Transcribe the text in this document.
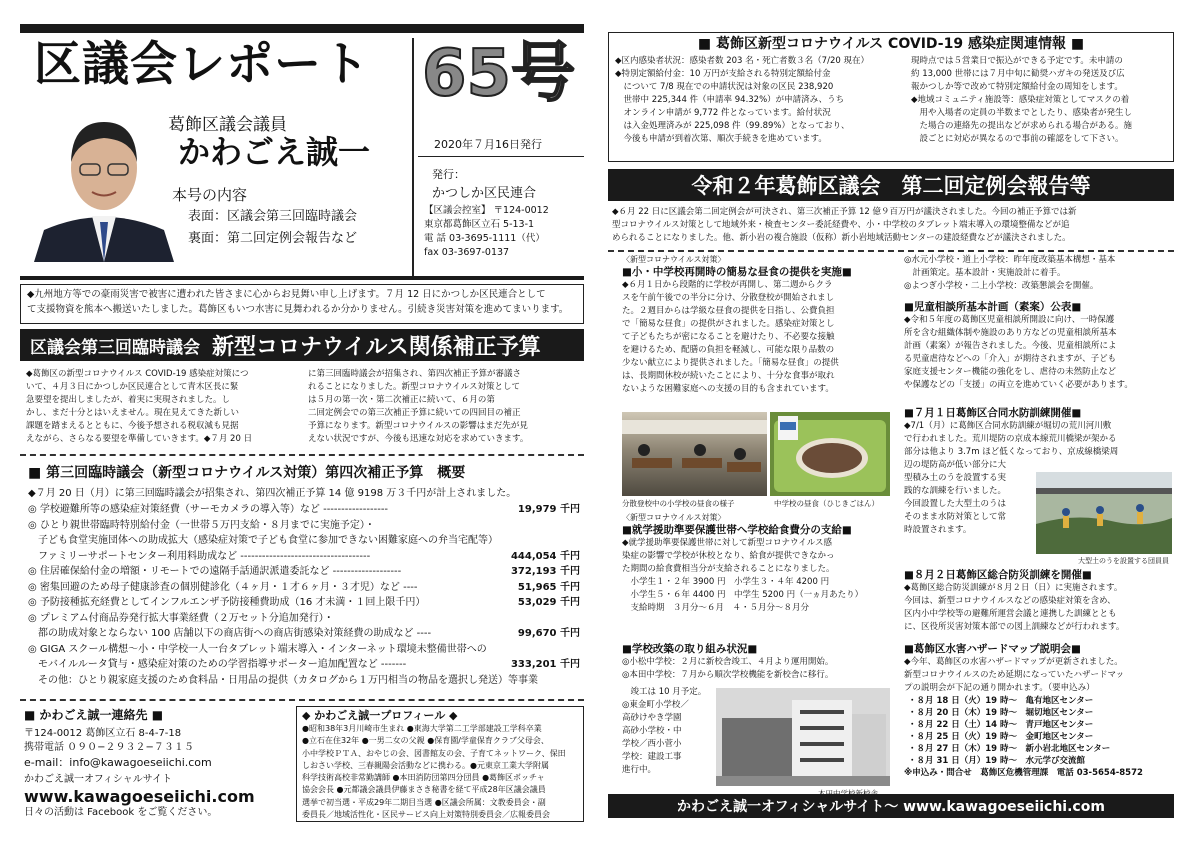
区議会レポート 65号
2020年７月16日発行
葛飾区議会議員
かわごえ誠一
本号の内容
表面：区議会第三回臨時議会
裏面：第二回定例会報告など
発行：
かつしか区民連合
【区議会控室】 〒124-0012
東京都葛飾区立石 5-13-1
電 話 03-3695-1111（代）
fax 03-3697-0137
◆九州地方等での豪雨災害で被害に遭われた皆さまに心からお見舞い申し上げます。７月 12 日にかつしか区民連合として
て支援物資を熊本へ搬送いたしました。葛飾区もいつ水害に見舞われるか分かりません。引続き災害対策を進めてまいります。
区議会第三回臨時議会 新型コロナウイルス関係補正予算
◆葛飾区の新型コロナウイルス COVID-19 感染症対策につ
いて、４月３日にかつしか区民連合として青木区長に緊
急要望を提出しましたが、着実に実現されました。し
かし、まだ十分とはいえません。現在見えてきた新しい
課題を踏まえるとともに、今後予想される税収減も見据
えながら、さらなる要望を準備していきます。◆７月 20 日
に第三回臨時議会が招集され、第四次補正予算が審議さ
れることになりました。新型コロナウイルス対策として
は５月の第一次・第二次補正に続いて、６月の第
二回定例会での第三次補正予算に続いての四回目の補正
予算になります。新型コロナウイルスの影響はまだ先が見
えない状況ですが、今後も迅速な対応を求めていきます。
■ 第三回臨時議会（新型コロナウイルス対策）第四次補正予算　概要
◆７月 20 日（月）に第三回臨時議会が招集され、第四次補正予算 14 億 9198 万３千円が計上されました。
◎ 学校避難所等の感染症対策経費（サーモカメラの導入等）など ------------------	19,979 千円
◎ ひとり親世帯臨時特別給付金（一世帯５万円支給・８月までに実施予定）・
　子ども食堂実施団体への助成拡大（感染症対策で子ども食堂に参加できない困難家庭への弁当宅配等）
　ファミリーサポートセンター利用料助成など ------------------------------------	444,054 千円
◎ 住居確保給付金の増額・リモートでの遠隔手話通訳派遣委託など -------------------	372,193 千円
◎ 密集回避のため母子健康診査の個別健診化（４ヶ月・１才６ヶ月・３才児）など ----	51,965 千円
◎ 予防接種拡充経費としてインフルエンザ予防接種費助成（16 才未満・１回上限千円）	53,029 千円
◎ プレミアム付商品券発行拡大事業経費（２万セット分追加発行）・
　都の助成対象とならない 100 店舗以下の商店街への商店街感染対策経費の助成など ----	99,670 千円
◎ GIGA スクール構想〜小・中学校一人一台タブレット端末導入・インターネット環境未整備世帯への
　モバイルルータ貸与・感染症対策のための学習指導サポーター追加配置など -------	333,201 千円
　その他：ひとり親家庭支援のため食料品・日用品の提供（カタログから１万円相当の物品を選択し発送）等事業
■ かわごえ誠一連絡先 ■
〒124-0012 葛飾区立石 8-4-7-18
携帯電話 ０９０−２９３２−７３１５
e-mail：info@kawagoeseiichi.com
かわごえ誠一オフィシャルサイト
www.kawagoeseiichi.com
日々の活動は Facebook をご覧ください。
◆ かわごえ誠一プロフィール ◆
●昭和38年3月川崎市生まれ ●東海大学第二工学部建設工学科卒業
●立石在住32年 ●一男二女の父親 ●保育園/学童保育クラブ父母会、
小中学校ＰＴＡ、おやじの会、図書館友の会、子育てネットワーク、保田
しおさい学校、三春親陽会活動などに携わる。●元東京工業大学附属
科学技術高校非常勤講師 ●本田消防団第四分団員 ●葛飾区ボッチャ
協会会長 ●元都議会議員伊藤まさき秘書を経て平成28年区議会議員
選挙で初当選・平成29年二期目当選 ●区議会所属：文教委員会・副
委員長／地域活性化・区民サービス向上対策特別委員会／広報委員会
■ 葛飾区新型コロナウイルス COVID-19 感染症関連情報 ■
◆区内感染者状況：感染者数 203 名・死亡者数３名（7/20 現在）
◆特別定額給付金：10 万円が支給される特別定額給付金
　について 7/8 現在での申請状況は対象の区民 238,920
　世帯中 225,344 件（申請率 94.32%）が申請済み、うち
　オンライン申請が 9,772 件となっています。給付状況
　は入金処理済みが 225,098 件（99.89%）となっており、
　今後も申請が到着次第、順次手続きを進めています。
現時点では５営業日で振込ができる予定です。未申請の
約 13,000 世帯には７月中旬に勧奨ハガキの発送及び広
報かつしか等で改めて特別定額給付金の周知をします。
◆地域コミュニティ施設等：感染症対策としてマスクの着
　用や入場者の定員の半数までとしたり、感染者が発生し
　た場合の連絡先の提出などが求められる場合がある。施
　設ごとに対応が異なるので事前の確認をして下さい。
令和２年葛飾区議会　第二回定例会報告等
◆６月 22 日に区議会第二回定例会が可決され、第三次補正予算 12 億９百万円が議決されました。今回の補正予算では新
型コロナウイルス対策として地域外来・検査センター委託経費や、小・中学校のタブレット端末導入の環境整備などが追
められることになりました。他、新小岩の複合施設（仮称）新小岩地域活動センターの建設経費などが議決されました。
〈新型コロナウイルス対策〉
■小・中学校再開時の簡易な昼食の提供を実施■
◆６月１日から段階的に学校が再開し、第二週からクラ
スを午前午後での半分に分け、分散登校が開始されまし
た。２週目からは学級な昼食の提供を日指し、公費負担
で「簡易な昼食」の提供がされました。感染症対策とし
て子どもたちが密になることを避けたり、不必要な接触
を避けるため、配膳の負担を軽減し、可能な限り品数の
少ない献立により提供されました。「簡易な昼食」の提供
は、長期間休校が続いたことにより、十分な食事が取れ
ないような困難家庭への支援の目的も含まれています。
分散登校中の小学校の昼食の様子	中学校の昼食（ひじきごはん）
〈新型コロナウイルス対策〉
■就学援助準要保護世帯へ学校給食費分の支給■
◆就学援助準要保護世帯に対して新型コロナウイルス感
染症の影響で学校が休校となり、給食が提供できなかっ
た期間の給食費相当分が支給されることになりました。
　小学生１・２年 3900 円　小学生３・４年 4200 円
　小学生５・６年 4400 円　中学生 5200 円（一ヵ月あたり）
　支給時期　３月分〜６月　４・５月分〜８月分
■学校改築の取り組み状況■
◎小松中学校：２月に新校舎竣工、４月より運用開始。
◎本田中学校：７月から順次学校機能を新校舎に移行。
　竣工は 10 月予定。
◎東金町小学校／
高砂けやき学園
高砂小学校・中
学校／西小菅小
学校：建設工事
進行中。
◎水元小学校・道上小学校：昨年度改築基本構想・基本
　計画策定。基本設計・実施設計に着手。
◎よつぎ小学校・二上小学校：改築懇談会を開催。
■児童相談所基本計画（素案）公表■
◆令和５年度の葛飾区児童相談所開設に向け、一時保護
所を含む組織体制や施設のあり方などの児童相談所基本
計画（素案）が報告されました。今後、児童相談所によ
る児童虐待などへの「介入」が期待されますが、子ども
家庭支援センター機能の強化をし、虐待の未然防止など
や保護などの「支援」の両立を進めていく必要があります。
■７月１日葛飾区合同水防訓練開催■
◆7/1（月）に葛飾区合同水防訓練が堀切の荒川河川敷
で行われました。荒川堤防の京成本線荒川橋梁が架かる
部分は他より 3.7m ほど低くなっており、京成線橋梁周
辺の堤防高が低い部分に大
型積み土のうを設置する実
践的な訓練を行いました。
今回設置した大型土のうは
そのまま水防対策として常
時設置されます。
大型土のうを設置する団員員
■８月２日葛飾区総合防災訓練を開催■
◆葛飾区総合防災訓練が８月２日（日）に実施されます。
今回は、新型コロナウイルスなどの感染症対策を含め、
区内小中学校等の避難所運営会議と連携した訓練ととも
に、区役所災害対策本部での図上訓練などが行われます。
■葛飾区水害ハザードマップ説明会■
◆今年、葛飾区の水害ハザードマップが更新されました。
新型コロナウイルスのため延期になっていたハザードマッ
プの説明会が下記の通り開かれます。（要申込み）
・８月 18 日（火）19 時〜　亀有地区センター
・８月 20 日（木）19 時〜　堀切地区センター
・８月 22 日（土）14 時〜　青戸地区センター
・８月 25 日（火）19 時〜　金町地区センター
・８月 27 日（木）19 時〜　新小岩北地区センター
・８月 31 日（月）19 時〜　水元学び交流館
※申込み・問合せ　葛飾区危機管理課　電話 03-5654-8572
かわごえ誠一オフィシャルサイト〜 www.kawagoeseiichi.com
